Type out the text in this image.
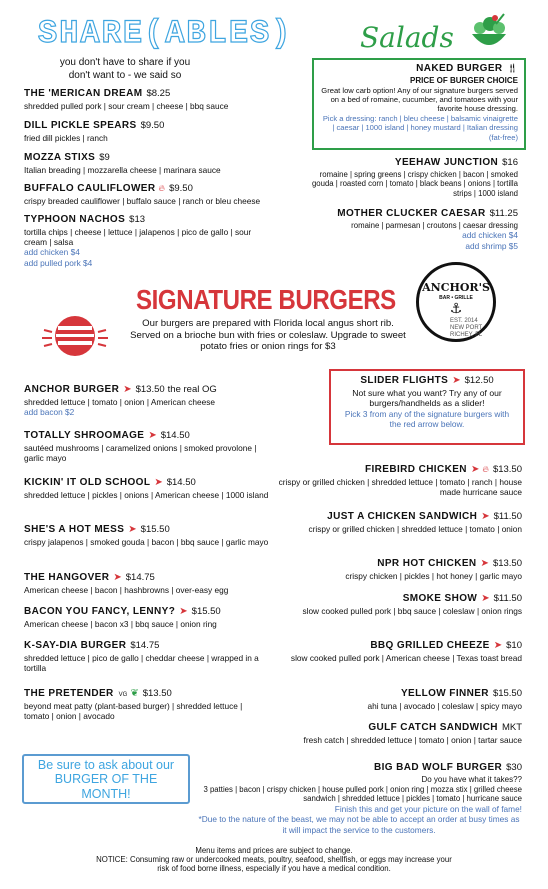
SHARE(ABLES)
you don't have to share if you
don't want to - we said so
THE 'MERICAN DREAM $8.25
shredded pulled pork | sour cream | cheese | bbq sauce
DILL PICKLE SPEARS $9.50
fried dill pickles | ranch
MOZZA STIXS $9
Italian breading | mozzarella cheese | marinara sauce
BUFFALO CAULIFLOWER 🔥︎ $9.50
crispy breaded cauliflower | buffalo sauce | ranch or bleu cheese
TYPHOON NACHOS $13
tortilla chips | cheese | lettuce | jalapenos | pico de gallo | sour cream | salsa
add chicken $4
add pulled pork $4
Salads
NAKED BURGER 🍴︎
PRICE OF BURGER CHOICE
Great low carb option! Any of our signature burgers served on a bed of romaine, cucumber, and tomatoes with your favorite house dressing.
Pick a dressing: ranch | bleu cheese | balsamic vinaigrette | caesar | 1000 island | honey mustard | Italian dressing (fat-free)
YEEHAW JUNCTION $16
romaine | spring greens | crispy chicken | bacon | smoked gouda | roasted corn | tomato | black beans | onions | tortilla strips | 1000 island
MOTHER CLUCKER CAESAR $11.25
romaine | parmesan | croutons | caesar dressing
add chicken $4
add shrimp $5
ANCHOR'S
BAR • GRILLE
⚓︎
EST. 2014
NEW PORT
RICHEY, FL
SIGNATURE BURGERS
Our burgers are prepared with Florida local angus short rib. Served on a brioche bun with fries or coleslaw. Upgrade to sweet potato fries or onion rings for $3
ANCHOR BURGER ➤ $13.50 the real OG
shredded lettuce | tomato | onion | American cheese
add bacon $2
TOTALLY SHROOMAGE ➤ $14.50
sautéed mushrooms | caramelized onions | smoked provolone | garlic mayo
KICKIN' IT OLD SCHOOL ➤ $14.50
shredded lettuce | pickles | onions | American cheese | 1000 island
SHE'S A HOT MESS ➤ $15.50
crispy jalapenos | smoked gouda | bacon | bbq sauce | garlic mayo
THE HANGOVER ➤ $14.75
American cheese | bacon | hashbrowns | over-easy egg
BACON YOU FANCY, LENNY? ➤ $15.50
American cheese | bacon x3 | bbq sauce | onion ring
K-SAY-DIA BURGER $14.75
shredded lettuce | pico de gallo | cheddar cheese | wrapped in a tortilla
THE PRETENDER VG ❦ $13.50
beyond meat patty (plant-based burger) | shredded lettuce | tomato | onion | avocado
SLIDER FLIGHTS ➤ $12.50
Not sure what you want? Try any of our burgers/handhelds as a slider!
Pick 3 from any of the signature burgers with the red arrow below.
FIREBIRD CHICKEN ➤ 🔥︎ $13.50
crispy or grilled chicken | shredded lettuce | tomato | ranch | house made hurricane sauce
JUST A CHICKEN SANDWICH ➤ $11.50
crispy or grilled chicken | shredded lettuce | tomato | onion
NPR HOT CHICKEN ➤ $13.50
crispy chicken | pickles | hot honey | garlic mayo
SMOKE SHOW ➤ $11.50
slow cooked pulled pork | bbq sauce | coleslaw | onion rings
BBQ GRILLED CHEEZE ➤ $10
slow cooked pulled pork | American cheese | Texas toast bread
YELLOW FINNER $15.50
ahi tuna | avocado | coleslaw | spicy mayo
GULF CATCH SANDWICH MKT
fresh catch | shredded lettuce | tomato | onion | tartar sauce
Be sure to ask about our BURGER OF THE MONTH!
BIG BAD WOLF BURGER $30
Do you have what it takes??
3 patties | bacon | crispy chicken | house pulled pork | onion ring | mozza stix | grilled cheese sandwich | shredded lettuce | pickles | tomato | hurricane sauce
Finish this and get your picture on the wall of fame!
*Due to the nature of the beast, we may not be able to accept an order at busy times as it will impact the service to the customers.
Menu items and prices are subject to change.
NOTICE: Consuming raw or undercooked meats, poultry, seafood, shellfish, or eggs may increase your
risk of food borne illness, especially if you have a medical condition.
